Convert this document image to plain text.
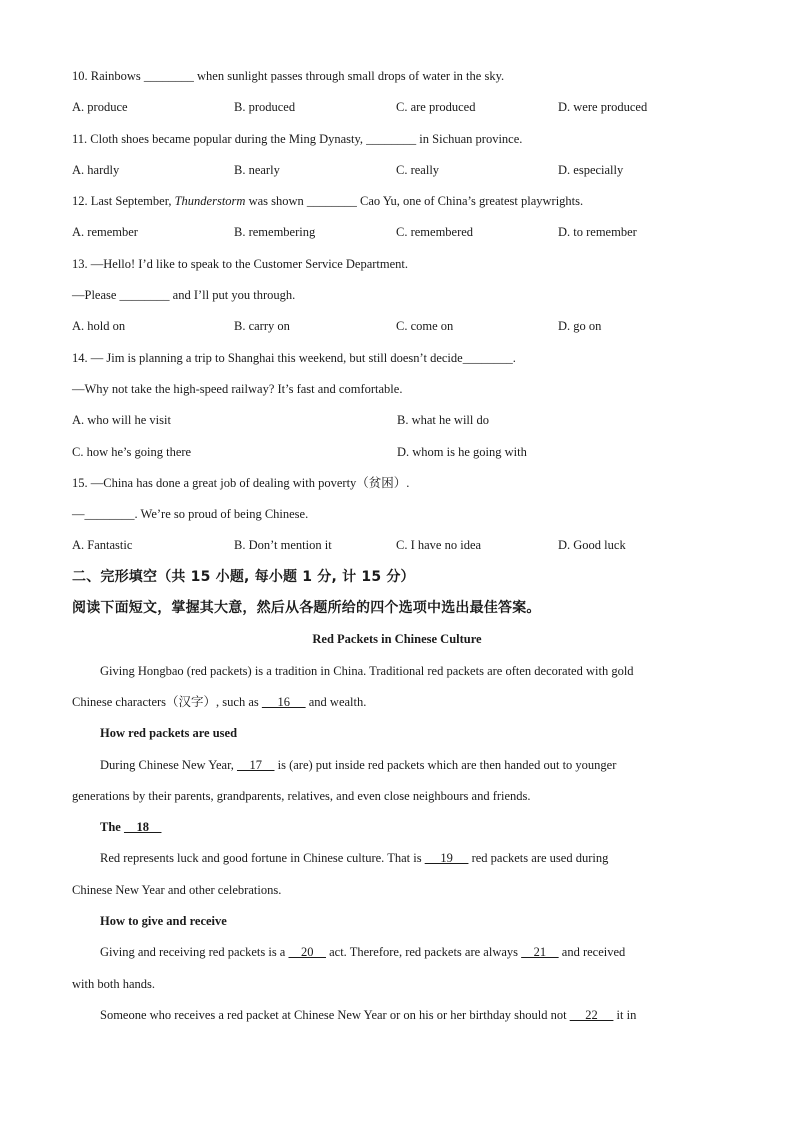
10. Rainbows ________ when sunlight passes through small drops of water in the sky.
A. produce	B. produced	C. are produced	D. were produced
11. Cloth shoes became popular during the Ming Dynasty, ________ in Sichuan province.
A. hardly	B. nearly	C. really	D. especially
12. Last September, Thunderstorm was shown ________ Cao Yu, one of China’s greatest playwrights.
A. remember	B. remembering	C. remembered	D. to remember
13. —Hello! I’d like to speak to the Customer Service Department.
—Please ________ and I’ll put you through.
A. hold on	B. carry on	C. come on	D. go on
14. — Jim is planning a trip to Shanghai this weekend, but still doesn’t decide________.
—Why not take the high-speed railway? It’s fast and comfortable.
A. who will he visit	B. what he will do
C. how he’s going there	D. whom is he going with
15. —China has done a great job of dealing with poverty（贫困）.
—________. We’re so proud of being Chinese.
A. Fantastic	B. Don’t mention it	C. I have no idea	D. Good luck
二、完形填空（共 15 小题, 每小题 1 分, 计 15 分）
阅读下面短文，掌握其大意，然后从各题所给的四个选项中选出最佳答案。
Red Packets in Chinese Culture
Giving Hongbao (red packets) is a tradition in China. Traditional red packets are often decorated with gold
Chinese characters（汉字）, such as      16      and wealth.
How red packets are used
During Chinese New Year,     17     is (are) put inside red packets which are then handed out to younger
generations by their parents, grandparents, relatives, and even close neighbours and friends.
The     18
Red represents luck and good fortune in Chinese culture. That is      19      red packets are used during
Chinese New Year and other celebrations.
How to give and receive
Giving and receiving red packets is a     20     act. Therefore, red packets are always     21     and received
with both hands.
Someone who receives a red packet at Chinese New Year or on his or her birthday should not      22      it in
